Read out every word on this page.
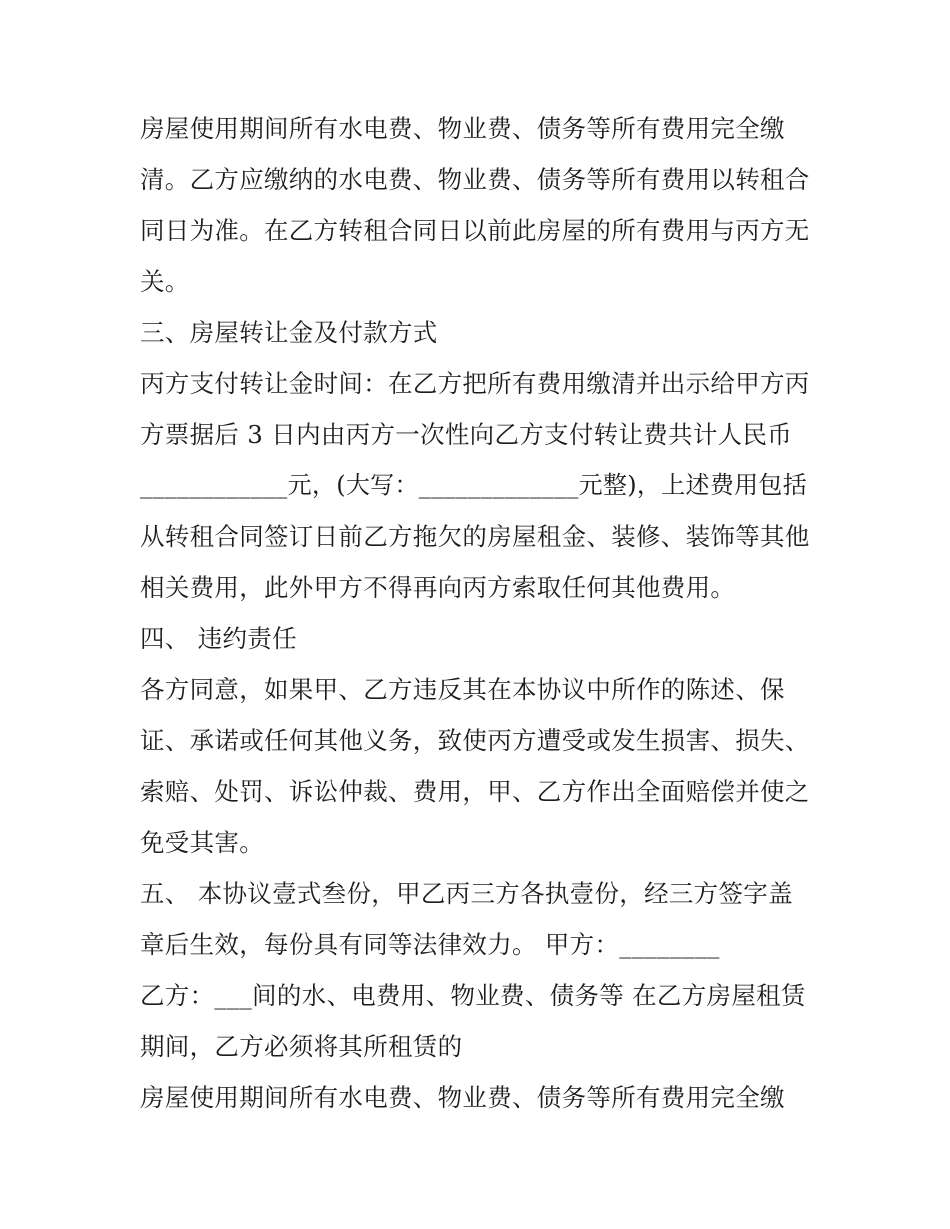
房屋使用期间所有水电费、物业费、债务等所有费用完全缴
清。乙方应缴纳的水电费、物业费、债务等所有费用以转租合
同日为准。在乙方转租合同日以前此房屋的所有费用与丙方无
关。
三、房屋转让金及付款方式
丙方支付转让金时间：在乙方把所有费用缴清并出示给甲方丙
方票据后 3 日内由丙方一次性向乙方支付转让费共计人民币
____________元，(大写：_____________元整)，上述费用包括
从转租合同签订日前乙方拖欠的房屋租金、装修、装饰等其他
相关费用，此外甲方不得再向丙方索取任何其他费用。
四、 违约责任
各方同意，如果甲、乙方违反其在本协议中所作的陈述、保
证、承诺或任何其他义务，致使丙方遭受或发生损害、损失、
索赔、处罚、诉讼仲裁、费用，甲、乙方作出全面赔偿并使之
免受其害。
五、 本协议壹式叁份，甲乙丙三方各执壹份，经三方签字盖
章后生效，每份具有同等法律效力。 甲方：________
乙方：___间的水、电费用、物业费、债务等 在乙方房屋租赁
期间，乙方必须将其所租赁的
房屋使用期间所有水电费、物业费、债务等所有费用完全缴
